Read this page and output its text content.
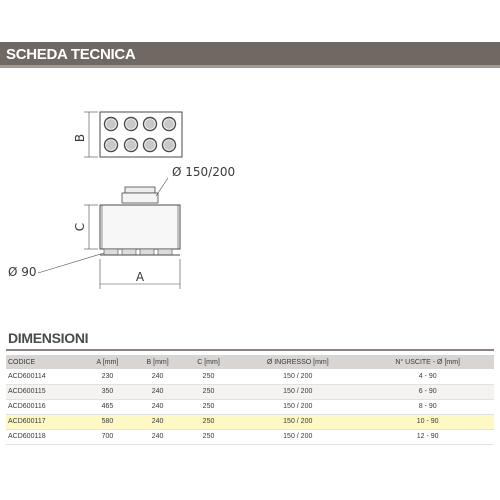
SCHEDA TECNICA
B
C
A
Ø 150/200
Ø 90
DIMENSIONI
CODICE	A [mm]	B [mm]	C [mm]	Ø INGRESSO [mm]	N° USCITE - Ø [mm]
ACD600114	230	240	250	150 / 200	4 - 90
ACD600115	350	240	250	150 / 200	6 - 90
ACD600116	465	240	250	150 / 200	8 - 90
ACD600117	580	240	250	150 / 200	10 - 90
ACD600118	700	240	250	150 / 200	12 - 90
